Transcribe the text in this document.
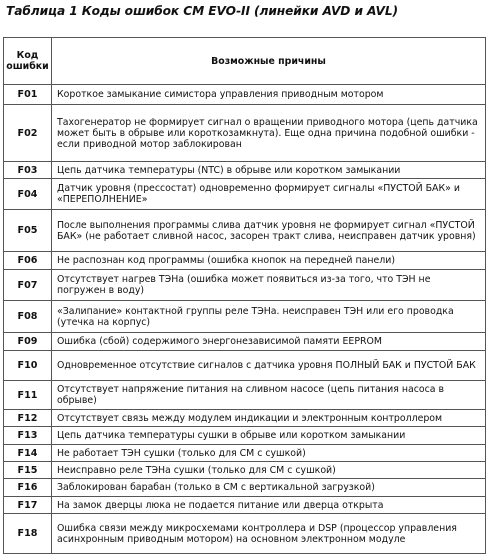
Таблица 1 Коды ошибок СМ EVO-II (линейки AVD и AVL)
Код
ошибки	Возможные причины
F01	Короткое замыкание симистора управления приводным мотором
F02	Тахогенератор не формирует сигнал о вращении приводного мотора (цепь датчика может быть в обрыве или короткозамкнута). Еще одна причина подобной ошибки - если приводной мотор заблокирован
F03	Цепь датчика температуры (NTC) в обрыве или коротком замыкании
F04	Датчик уровня (прессостат) одновременно формирует сигналы «ПУСТОЙ БАК» и «ПЕРЕПОЛНЕНИЕ»
F05	После выполнения программы слива датчик уровня не формирует сигнал «ПУСТОЙ БАК» (не работает сливной насос, засорен тракт слива, неисправен датчик уровня)
F06	Не распознан код программы (ошибка кнопок на передней панели)
F07	Отсутствует нагрев ТЭНа (ошибка может появиться из-за того, что ТЭН не погружен в воду)
F08	«Залипание» контактной группы реле ТЭНа. неисправен ТЭН или его проводка (утечка на корпус)
F09	Ошибка (сбой) содержимого энергонезависимой памяти EEPROM
F10	Одновременное отсутствие сигналов с датчика уровня ПОЛНЫЙ БАК и ПУСТОЙ БАК
F11	Отсутствует напряжение питания на сливном насосе (цепь питания насоса в обрыве)
F12	Отсутствует связь между модулем индикации и электронным контроллером
F13	Цепь датчика температуры сушки в обрыве или коротком замыкании
F14	Не работает ТЭН сушки (только для СМ с сушкой)
F15	Неисправно реле ТЭНа сушки (только для СМ с сушкой)
F16	Заблокирован барабан (только в СМ с вертикальной загрузкой)
F17	На замок дверцы люка не подается питание или дверца открыта
F18	Ошибка связи между микросхемами контроллера и DSP (процессор управления асинхронным приводным мотором) на основном электронном модуле
